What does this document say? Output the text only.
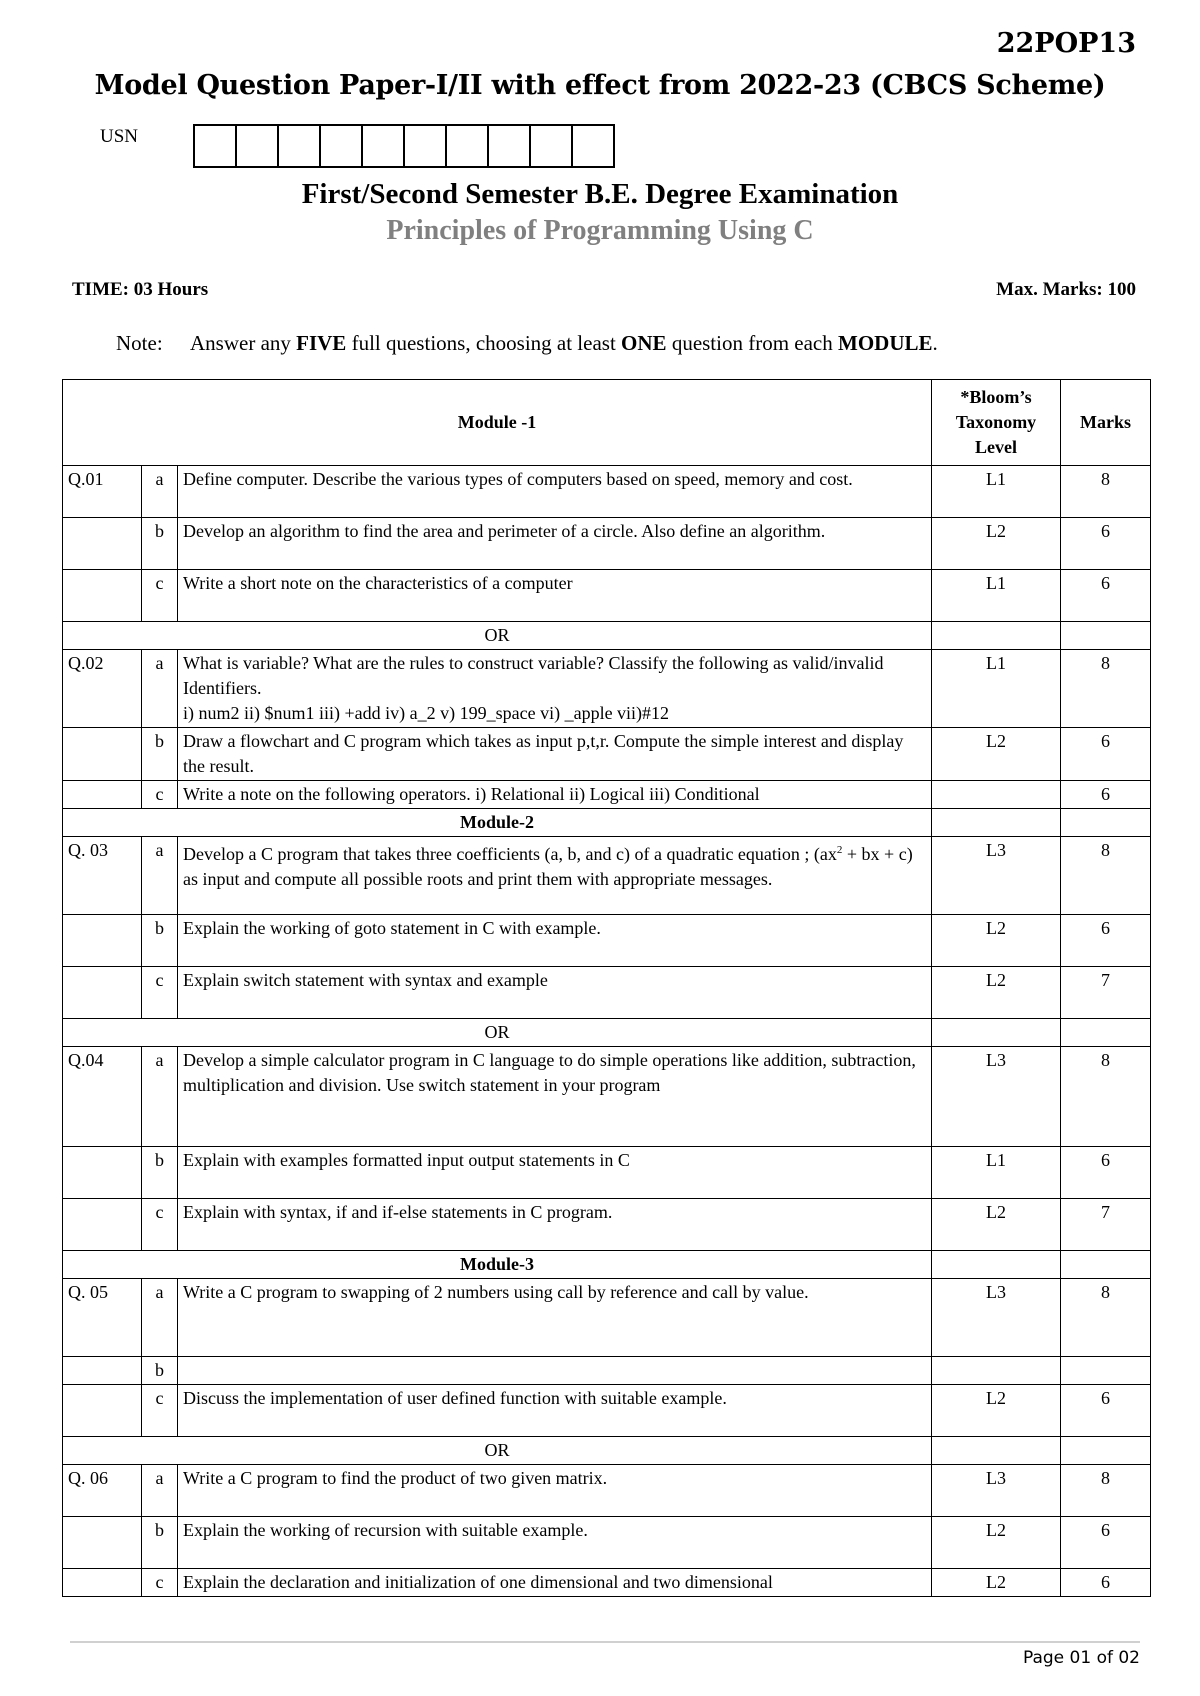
22POP13
Model Question Paper-I/II with effect from 2022-23 (CBCS Scheme)
USN
First/Second Semester B.E. Degree Examination
Principles of Programming Using C
TIME: 03 Hours	Max. Marks: 100
Note: Answer any FIVE full questions, choosing at least ONE question from each MODULE.
Module -1			*Bloom’s Taxonomy Level	Marks
Q.01	a	Define computer. Describe the various types of computers based on speed, memory and cost.	L1	8
	b	Develop an algorithm to find the area and perimeter of a circle. Also define an algorithm.	L2	6
	c	Write a short note on the characteristics of a computer	L1	6
OR				
Q.02	a	What is variable? What are the rules to construct variable? Classify the following as valid/invalid Identifiers.
i) num2 ii) $num1 iii) +add iv) a_2 v) 199_space vi) _apple vii)#12	L1	8
	b	Draw a flowchart and C program which takes as input p,t,r. Compute the simple interest and display the result.	L2	6
	c	Write a note on the following operators. i) Relational ii) Logical iii) Conditional		6
Module-2				
Q. 03	a	Develop a C program that takes three coefficients (a, b, and c) of a quadratic equation ; ($ax^2$ + bx + c) as input and compute all possible roots and print them with appropriate messages.	L3	8
	b	Explain the working of goto statement in C with example.	L2	6
	c	Explain switch statement with syntax and example	L2	7
OR				
Q.04	a	Develop a simple calculator program in C language to do simple operations like addition, subtraction, multiplication and division. Use switch statement in your program	L3	8
	b	Explain with examples formatted input output statements in C	L1	6
	c	Explain with syntax, if and if-else statements in C program.	L2	7
Module-3				
Q. 05	a	Write a C program to swapping of 2 numbers using call by reference and call by value.	L3	8
	b			
	c	Discuss the implementation of user defined function with suitable example.	L2	6
OR				
Q. 06	a	Write a C program to find the product of two given matrix.	L3	8
	b	Explain the working of recursion with suitable example.	L2	6
	c	Explain the declaration and initialization of one dimensional and two dimensional	L2	6
Page 01 of 02
